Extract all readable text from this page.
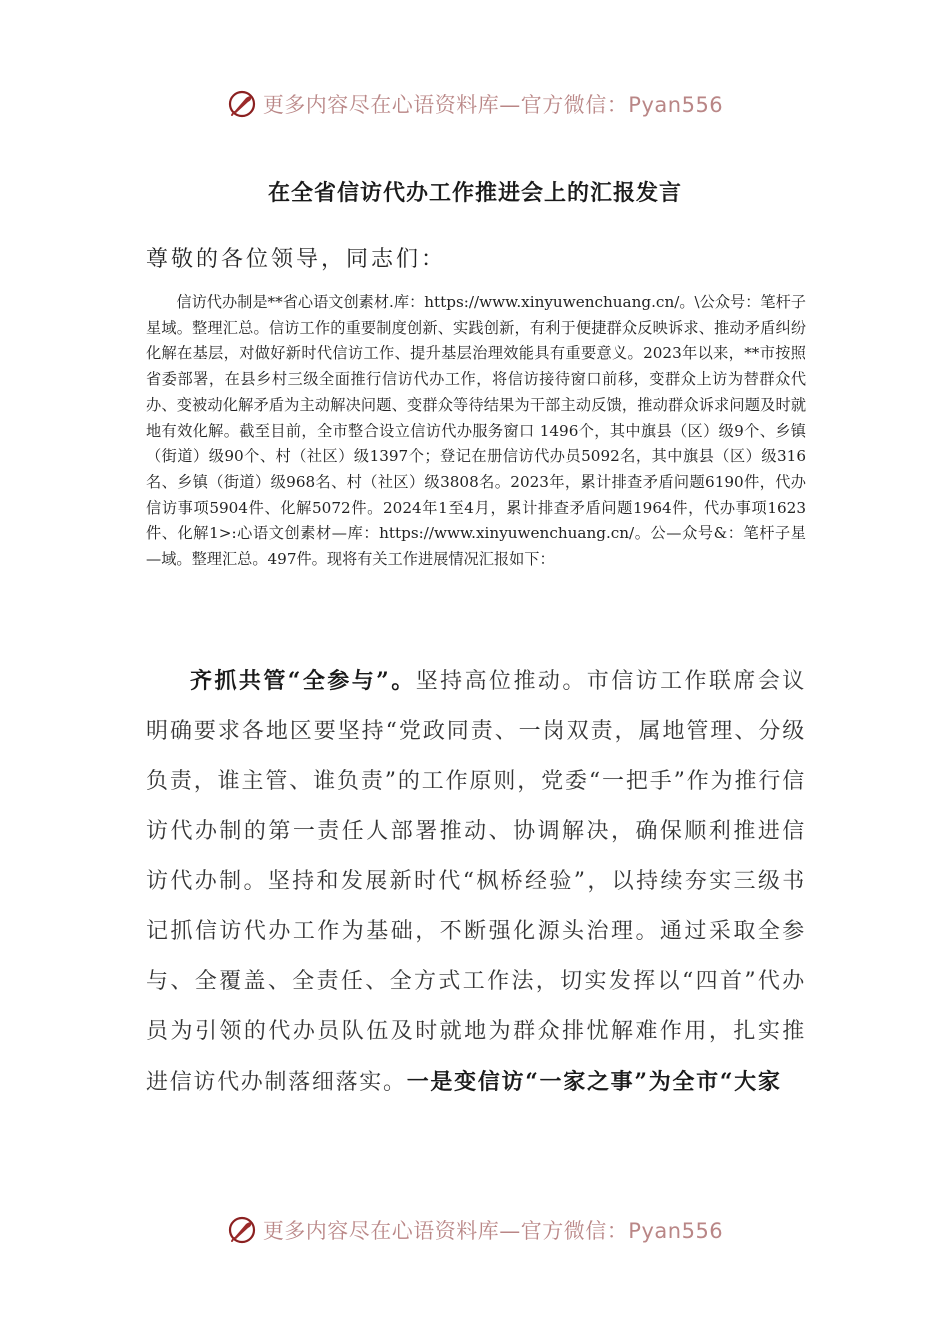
更多内容尽在心语资料库—官方微信：Pyan556
在全省信访代办工作推进会上的汇报发言
尊敬的各位领导，同志们：

信访代办制是**省心语文创素材.库：https://www.xinyuwenchuang.cn/。\公众号：笔杆子星域。整理汇总。信访工作的重要制度创新、实践创新，有利于便捷群众反映诉求、推动矛盾纠纷化解在基层，对做好新时代信访工作、提升基层治理效能具有重要意义。2023年以来，**市按照省委部署，在县乡村三级全面推行信访代办工作，将信访接待窗口前移，变群众上访为替群众代办、变被动化解矛盾为主动解决问题、变群众等待结果为干部主动反馈，推动群众诉求问题及时就地有效化解。截至目前，全市整合设立信访代办服务窗口 1496个，其中旗县（区）级9个、乡镇（街道）级90个、村（社区）级1397个；登记在册信访代办员5092名，其中旗县（区）级316名、乡镇（街道）级968名、村（社区）级3808名。2023年，累计排查矛盾问题6190件，代办信访事项5904件、化解5072件。2024年1至4月，累计排查矛盾问题1964件，代办事项1623件、化解1>:心语文创素材—库：https://www.xinyuwenchuang.cn/。公—众号&：笔杆子星—域。整理汇总。497件。现将有关工作进展情况汇报如下：

齐抓共管“全参与”。坚持高位推动。市信访工作联席会议明确要求各地区要坚持“党政同责、一岗双责，属地管理、分级负责，谁主管、谁负责”的工作原则，党委“一把手”作为推行信访代办制的第一责任人部署推动、协调解决，确保顺利推进信访代办制。坚持和发展新时代“枫桥经验”，以持续夯实三级书记抓信访代办工作为基础，不断强化源头治理。通过采取全参与、全覆盖、全责任、全方式工作法，切实发挥以“四首”代办员为引领的代办员队伍及时就地为群众排忧解难作用，扎实推进信访代办制落细落实。一是变信访“一家之事”为全市“大家

更多内容尽在心语资料库—官方微信：Pyan556
